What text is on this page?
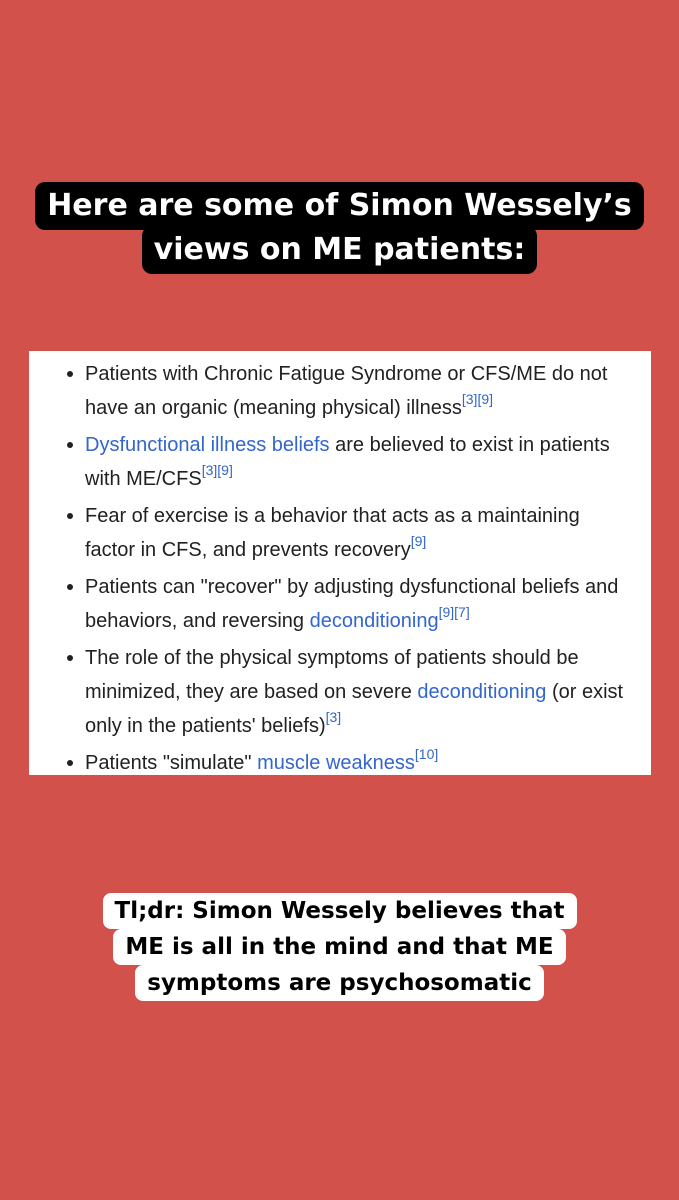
Here are some of Simon Wessely’s
views on ME patients:
Patients with Chronic Fatigue Syndrome or CFS/ME do not have an organic (meaning physical) illness[3][9]
Dysfunctional illness beliefs are believed to exist in patients with ME/CFS[3][9]
Fear of exercise is a behavior that acts as a maintaining factor in CFS, and prevents recovery[9]
Patients can "recover" by adjusting dysfunctional beliefs and behaviors, and reversing deconditioning[9][7]
The role of the physical symptoms of patients should be minimized, they are based on severe deconditioning (or exist only in the patients' beliefs)[3]
Patients "simulate" muscle weakness[10]
Tl;dr: Simon Wessely believes that
ME is all in the mind and that ME
symptoms are psychosomatic
